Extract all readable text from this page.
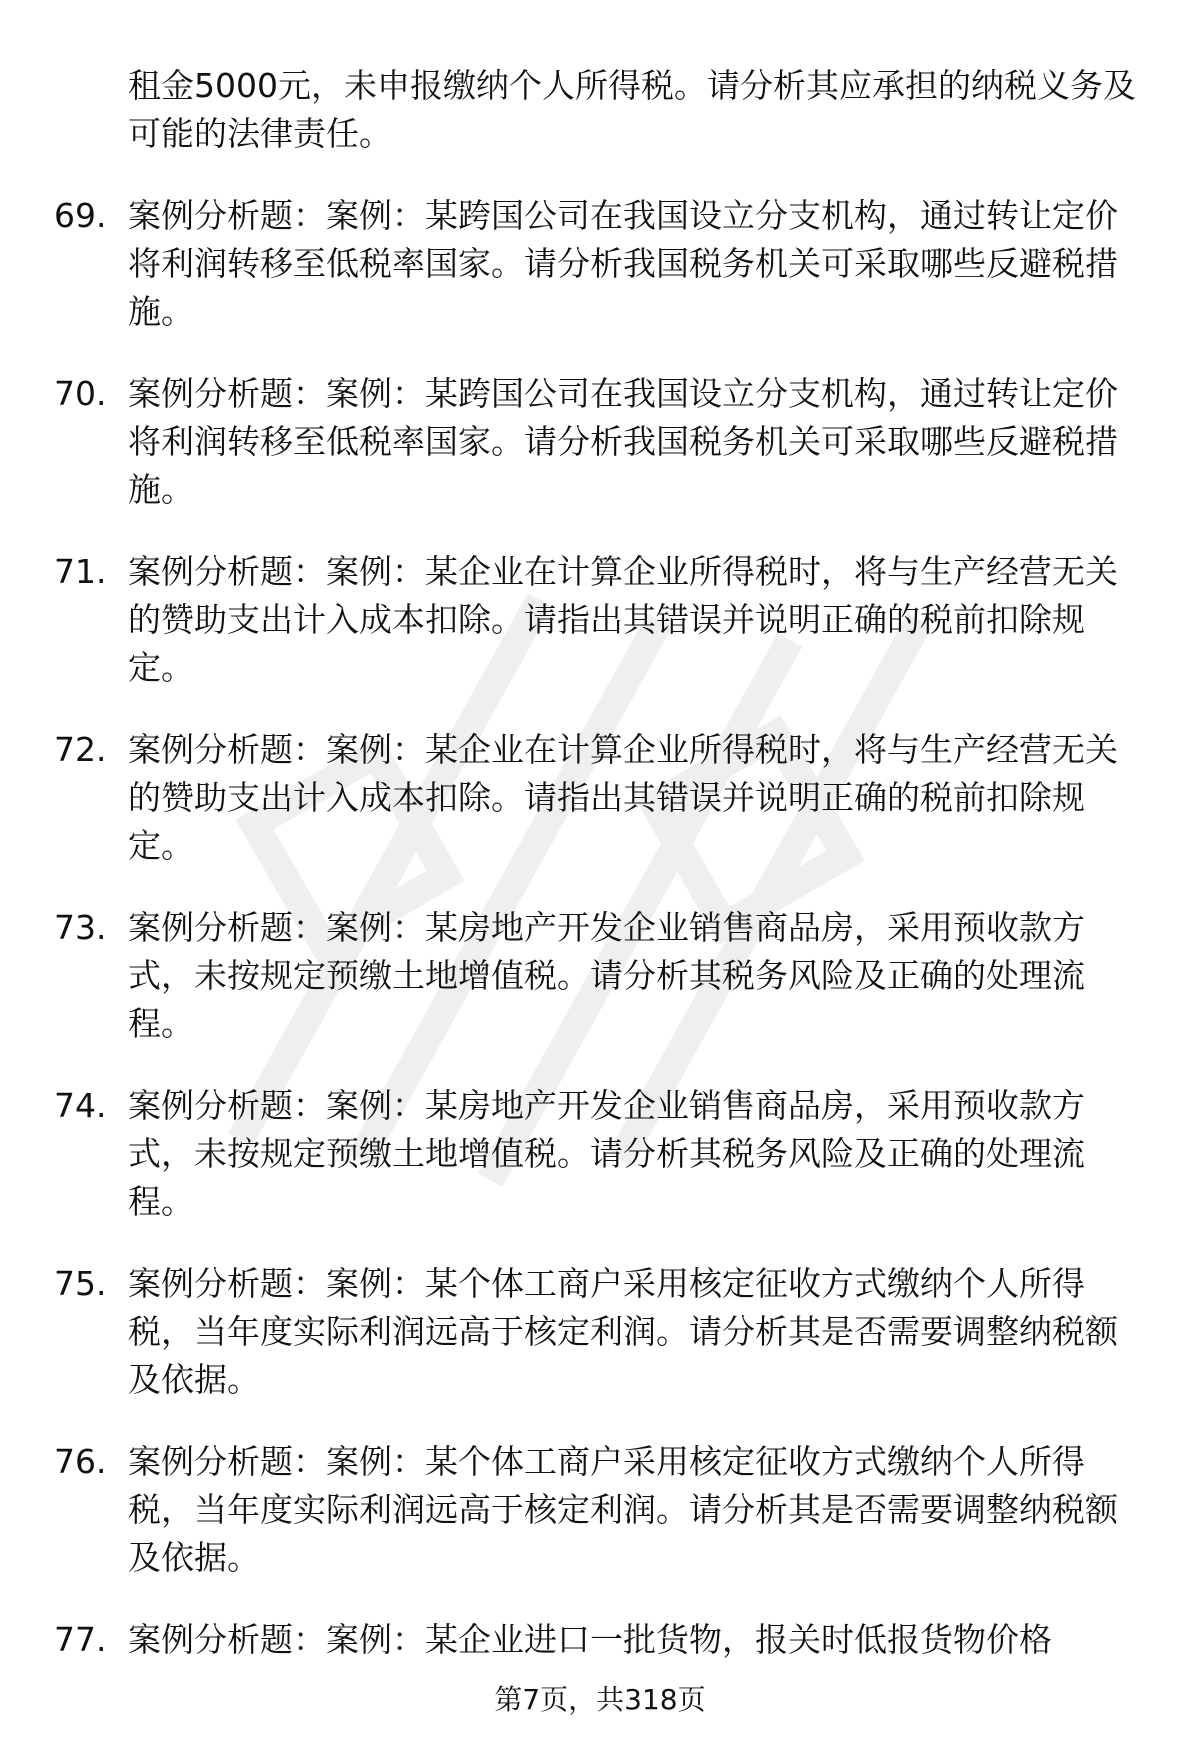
租金5000元，未申报缴纳个人所得税。请分析其应承担的纳税义务及可能的法律责任。
69. 案例分析题：案例：某跨国公司在我国设立分支机构，通过转让定价将利润转移至低税率国家。请分析我国税务机关可采取哪些反避税措施。
70. 案例分析题：案例：某跨国公司在我国设立分支机构，通过转让定价将利润转移至低税率国家。请分析我国税务机关可采取哪些反避税措施。
71. 案例分析题：案例：某企业在计算企业所得税时，将与生产经营无关的赞助支出计入成本扣除。请指出其错误并说明正确的税前扣除规定。
72. 案例分析题：案例：某企业在计算企业所得税时，将与生产经营无关的赞助支出计入成本扣除。请指出其错误并说明正确的税前扣除规定。
73. 案例分析题：案例：某房地产开发企业销售商品房，采用预收款方式，未按规定预缴土地增值税。请分析其税务风险及正确的处理流程。
74. 案例分析题：案例：某房地产开发企业销售商品房，采用预收款方式，未按规定预缴土地增值税。请分析其税务风险及正确的处理流程。
75. 案例分析题：案例：某个体工商户采用核定征收方式缴纳个人所得税，当年度实际利润远高于核定利润。请分析其是否需要调整纳税额及依据。
76. 案例分析题：案例：某个体工商户采用核定征收方式缴纳个人所得税，当年度实际利润远高于核定利润。请分析其是否需要调整纳税额及依据。
77. 案例分析题：案例：某企业进口一批货物，报关时低报货物价格
第7页，共318页
